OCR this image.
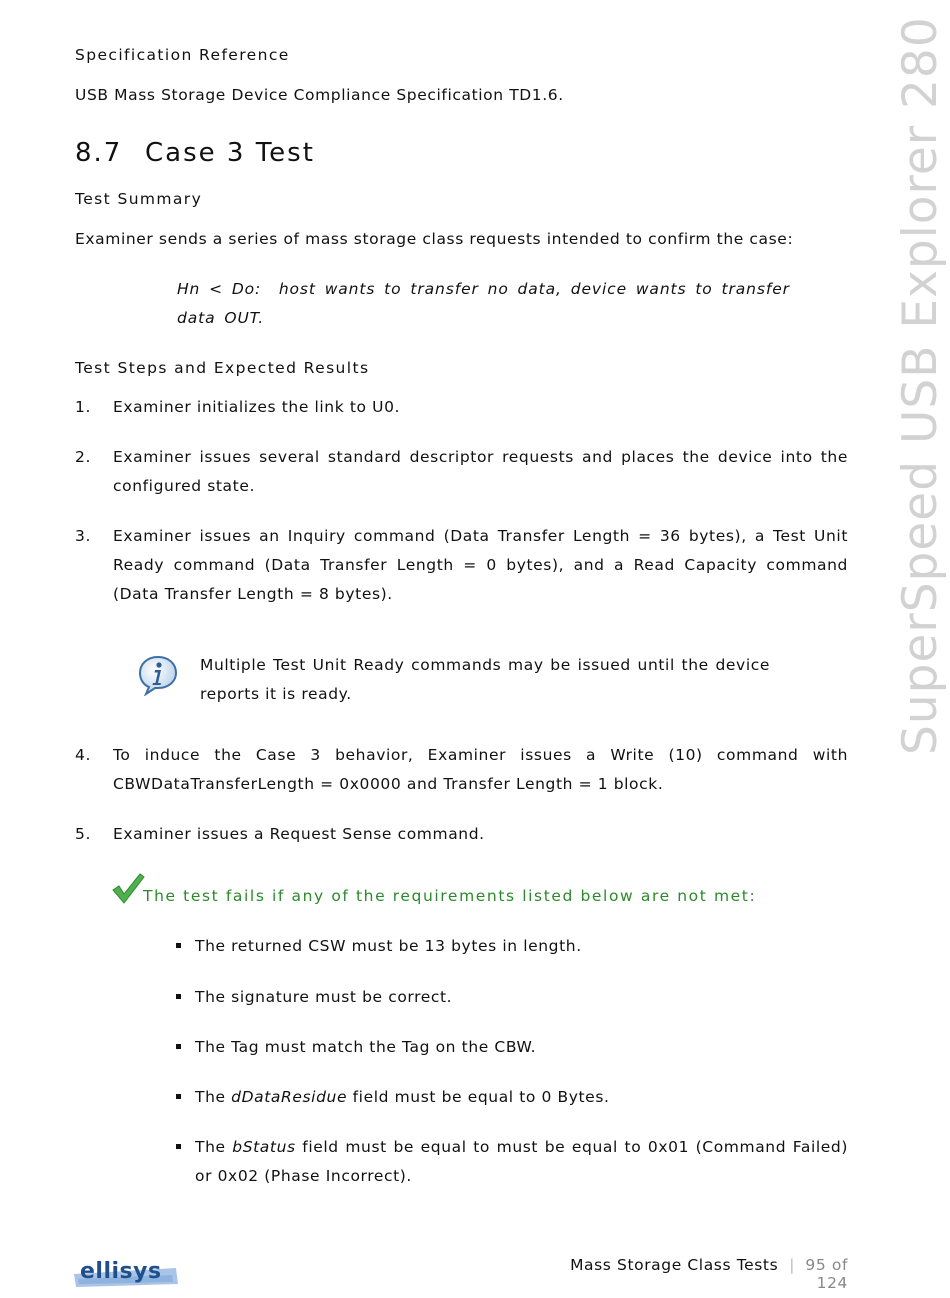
SuperSpeed USB Explorer 280
Specification Reference
USB Mass Storage Device Compliance Specification TD1.6.
8.7 Case 3 Test
Test Summary
Examiner sends a series of mass storage class requests intended to confirm the case:
Hn < Do:  host wants to transfer no data, device wants to transfer
data OUT.
Test Steps and Expected Results
1. Examiner initializes the link to U0.
2. Examiner issues several standard descriptor requests and places the device into the configured state.
3. Examiner issues an Inquiry command (Data Transfer Length = 36 bytes), a Test Unit Ready command (Data Transfer Length = 0 bytes), and a Read Capacity command (Data Transfer Length = 8 bytes).
Multiple Test Unit Ready commands may be issued until the device reports it is ready.
4. To induce the Case 3 behavior, Examiner issues a Write (10) command with CBWDataTransferLength = 0x0000 and Transfer Length = 1 block.
5. Examiner issues a Request Sense command.
The test fails if any of the requirements listed below are not met:
The returned CSW must be 13 bytes in length.
The signature must be correct.
The Tag must match the Tag on the CBW.
The dDataResidue field must be equal to 0 Bytes.
The bStatus field must be equal to must be equal to 0x01 (Command Failed) or 0x02 (Phase Incorrect).
ellisys	Mass Storage Class Tests | 95 of 124
